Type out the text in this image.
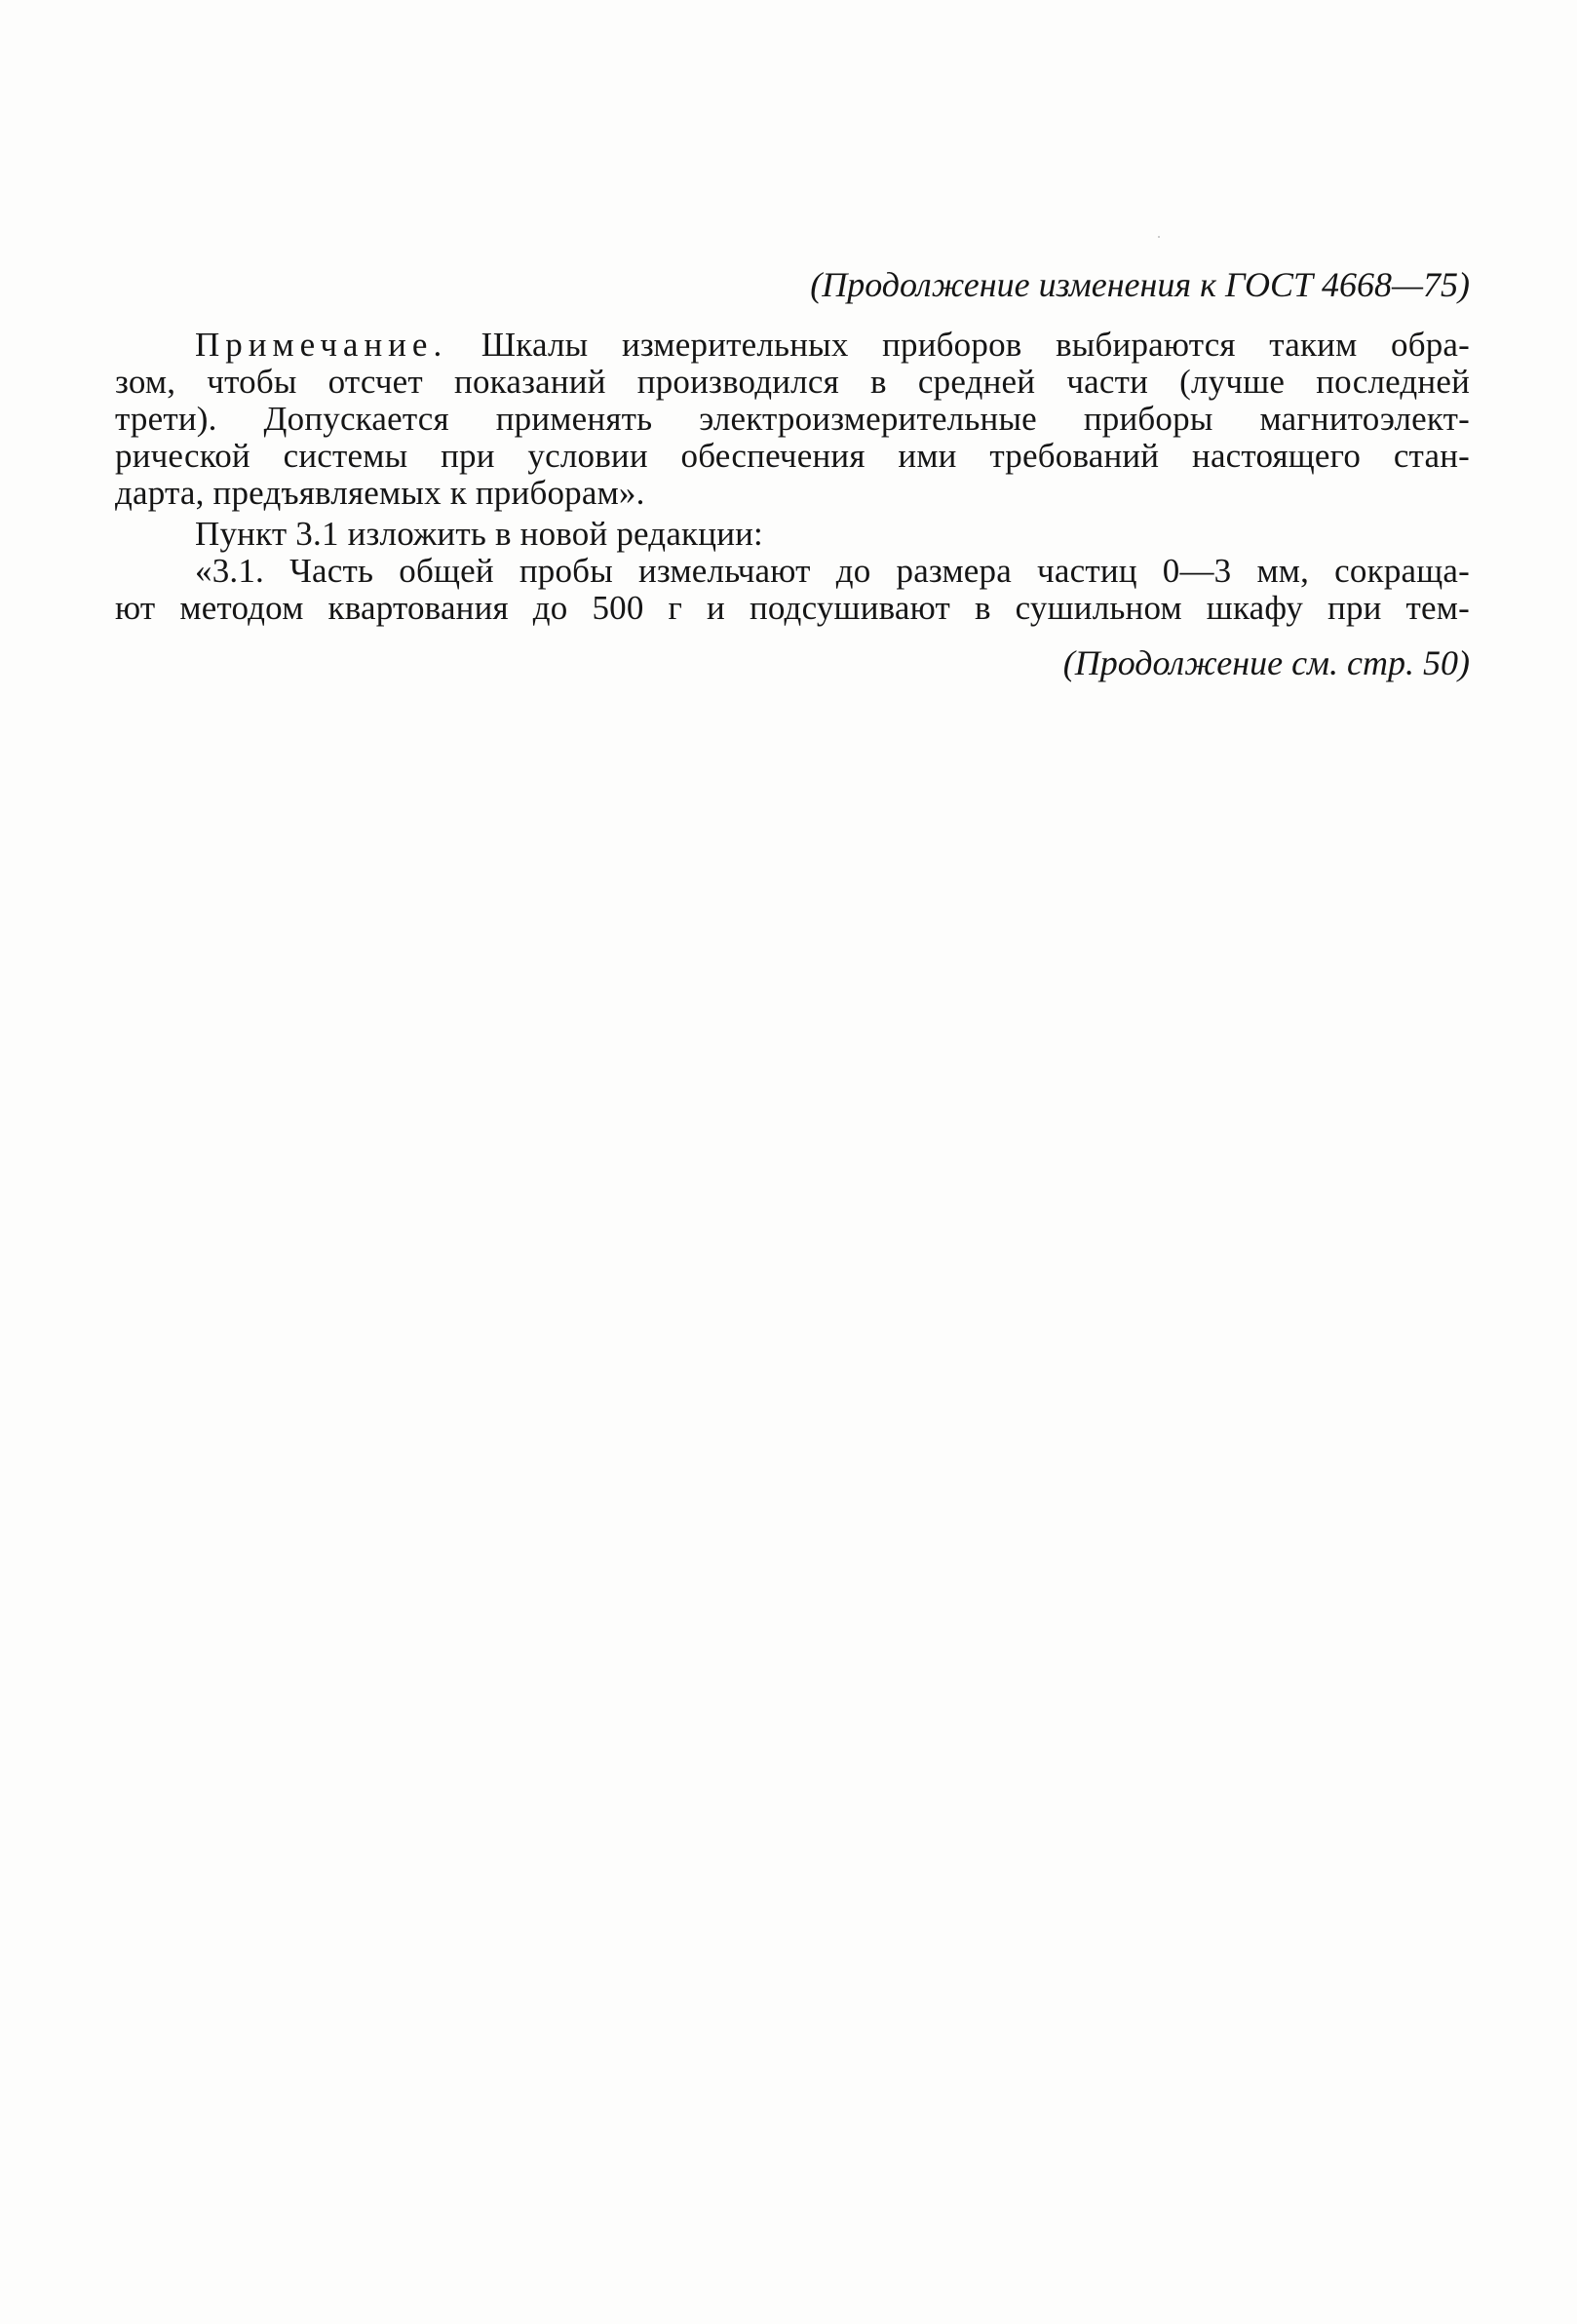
(Продолжение изменения к ГОСТ 4668—75)
Примечание. Шкалы измерительных приборов выбираются таким обра-
зом, чтобы отсчет показаний производился в средней части (лучше последней
трети). Допускается применять электроизмерительные приборы магнитоэлект-
рической системы при условии обеспечения ими требований настоящего стан-
дарта, предъявляемых к приборам».
Пункт 3.1 изложить в новой редакции:
«3.1. Часть общей пробы измельчают до размера частиц 0—3 мм, сокраща-
ют методом квартования до 500 г и подсушивают в сушильном шкафу при тем-
(Продолжение см. стр. 50)
